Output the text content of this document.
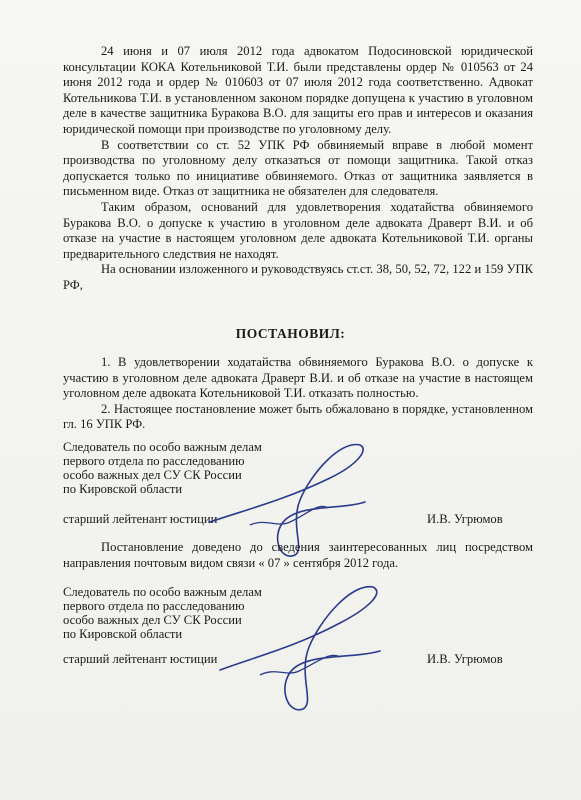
24 июня и 07 июля 2012 года адвокатом Подосиновской юридической консультации КОКА Котельниковой Т.И. были представлены ордер № 010563 от 24 июня 2012 года и ордер № 010603 от 07 июля 2012 года соответственно. Адвокат Котельникова Т.И. в установленном законом порядке допущена к участию в уголовном деле в качестве защитника Буракова В.О. для защиты его прав и интересов и оказания юридической помощи при производстве по уголовному делу.

В соответствии со ст. 52 УПК РФ обвиняемый вправе в любой момент производства по уголовному делу отказаться от помощи защитника. Такой отказ допускается только по инициативе обвиняемого. Отказ от защитника заявляется в письменном виде. Отказ от защитника не обязателен для следователя.

Таким образом, оснований для удовлетворения ходатайства обвиняемого Буракова В.О. о допуске к участию в уголовном деле адвоката Драверт В.И. и об отказе на участие в настоящем уголовном деле адвоката Котельниковой Т.И. органы предварительного следствия не находят.

На основании изложенного и руководствуясь ст.ст. 38, 50, 52, 72, 122 и 159 УПК РФ,

ПОСТАНОВИЛ:

1. В удовлетворении ходатайства обвиняемого Буракова В.О. о допуске к участию в уголовном деле адвоката Драверт В.И. и об отказе на участие в настоящем уголовном деле адвоката Котельниковой Т.И. отказать полностью.

2. Настоящее постановление может быть обжаловано в порядке, установленном гл. 16 УПК РФ.

Следователь по особо важным делам
первого отдела по расследованию
особо важных дел СУ СК России
по Кировской области
старший лейтенант юстиции	И.В. Угрюмов

Постановление доведено до сведения заинтересованных лиц посредством направления почтовым видом связи « 07 » сентября 2012 года.

Следователь по особо важным делам
первого отдела по расследованию
особо важных дел СУ СК России
по Кировской области
старший лейтенант юстиции	И.В. Угрюмов
